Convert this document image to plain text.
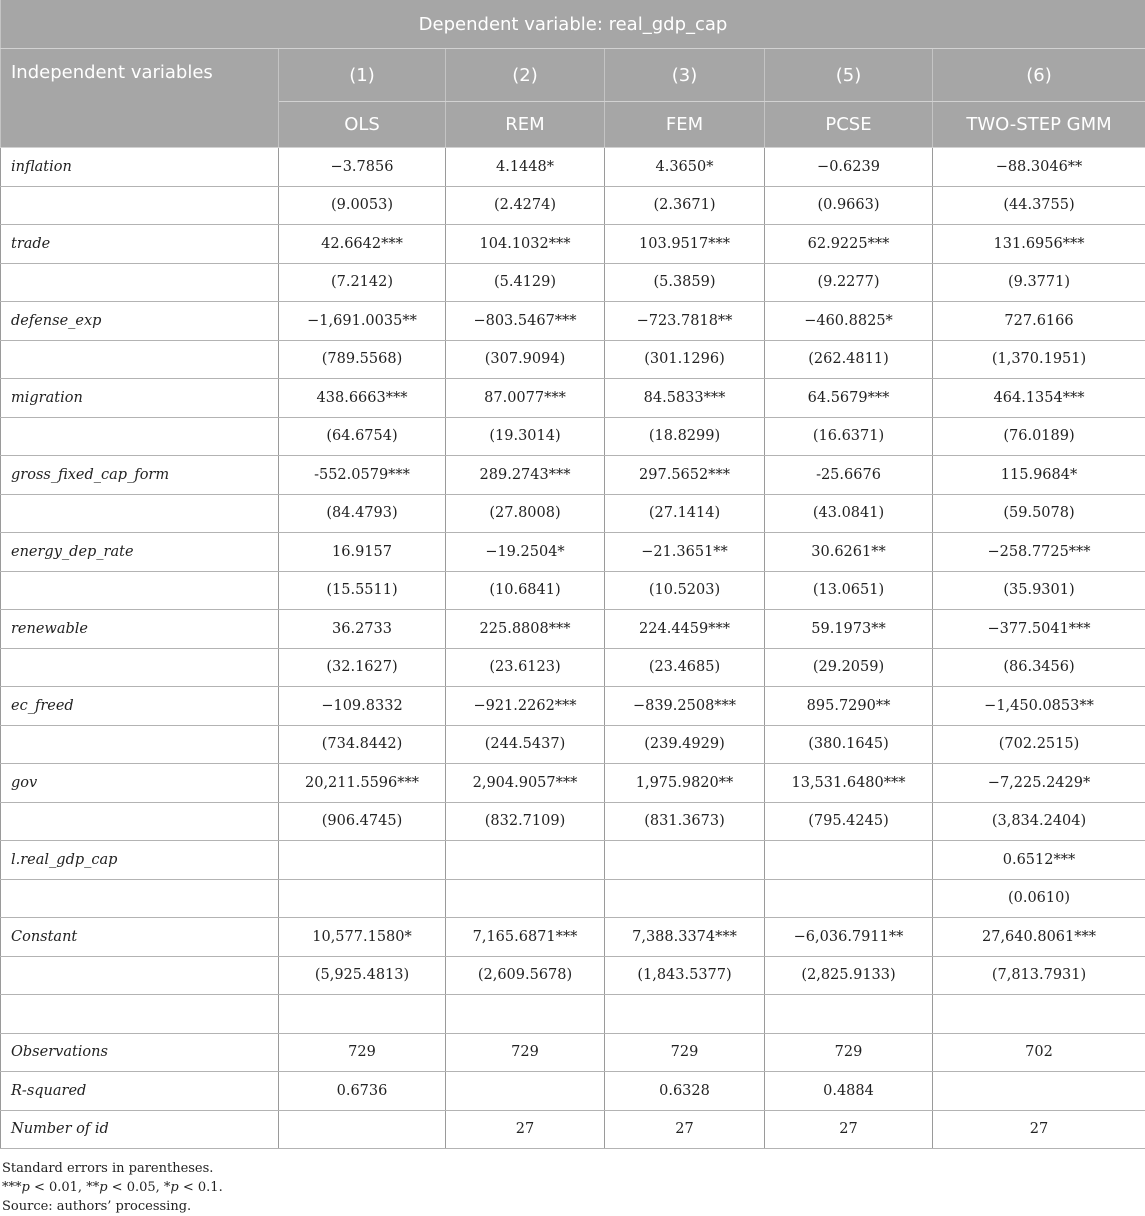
Dependent variable: real_gdp_cap					
Independent variables	(1)	(2)	(3)	(5)	(6)
	OLS	REM	FEM	PCSE	TWO-STEP GMM
inflation	−3.7856	4.1448*	4.3650*	−0.6239	−88.3046**
	(9.0053)	(2.4274)	(2.3671)	(0.9663)	(44.3755)
trade	42.6642***	104.1032***	103.9517***	62.9225***	131.6956***
	(7.2142)	(5.4129)	(5.3859)	(9.2277)	(9.3771)
defense_exp	−1,691.0035**	−803.5467***	−723.7818**	−460.8825*	727.6166
	(789.5568)	(307.9094)	(301.1296)	(262.4811)	(1,370.1951)
migration	438.6663***	87.0077***	84.5833***	64.5679***	464.1354***
	(64.6754)	(19.3014)	(18.8299)	(16.6371)	(76.0189)
gross_fixed_cap_form	-552.0579***	289.2743***	297.5652***	-25.6676	115.9684*
	(84.4793)	(27.8008)	(27.1414)	(43.0841)	(59.5078)
energy_dep_rate	16.9157	−19.2504*	−21.3651**	30.6261**	−258.7725***
	(15.5511)	(10.6841)	(10.5203)	(13.0651)	(35.9301)
renewable	36.2733	225.8808***	224.4459***	59.1973**	−377.5041***
	(32.1627)	(23.6123)	(23.4685)	(29.2059)	(86.3456)
ec_freed	−109.8332	−921.2262***	−839.2508***	895.7290**	−1,450.0853**
	(734.8442)	(244.5437)	(239.4929)	(380.1645)	(702.2515)
gov	20,211.5596***	2,904.9057***	1,975.9820**	13,531.6480***	−7,225.2429*
	(906.4745)	(832.7109)	(831.3673)	(795.4245)	(3,834.2404)
l.real_gdp_cap					0.6512***
					(0.0610)
Constant	10,577.1580*	7,165.6871***	7,388.3374***	−6,036.7911**	27,640.8061***
	(5,925.4813)	(2,609.5678)	(1,843.5377)	(2,825.9133)	(7,813.7931)

Observations	729	729	729	729	702
R-squared	0.6736		0.6328	0.4884	
Number of id		27	27	27	27
Standard errors in parentheses.
***p < 0.01, **p < 0.05, *p < 0.1.
Source: authors’ processing.
